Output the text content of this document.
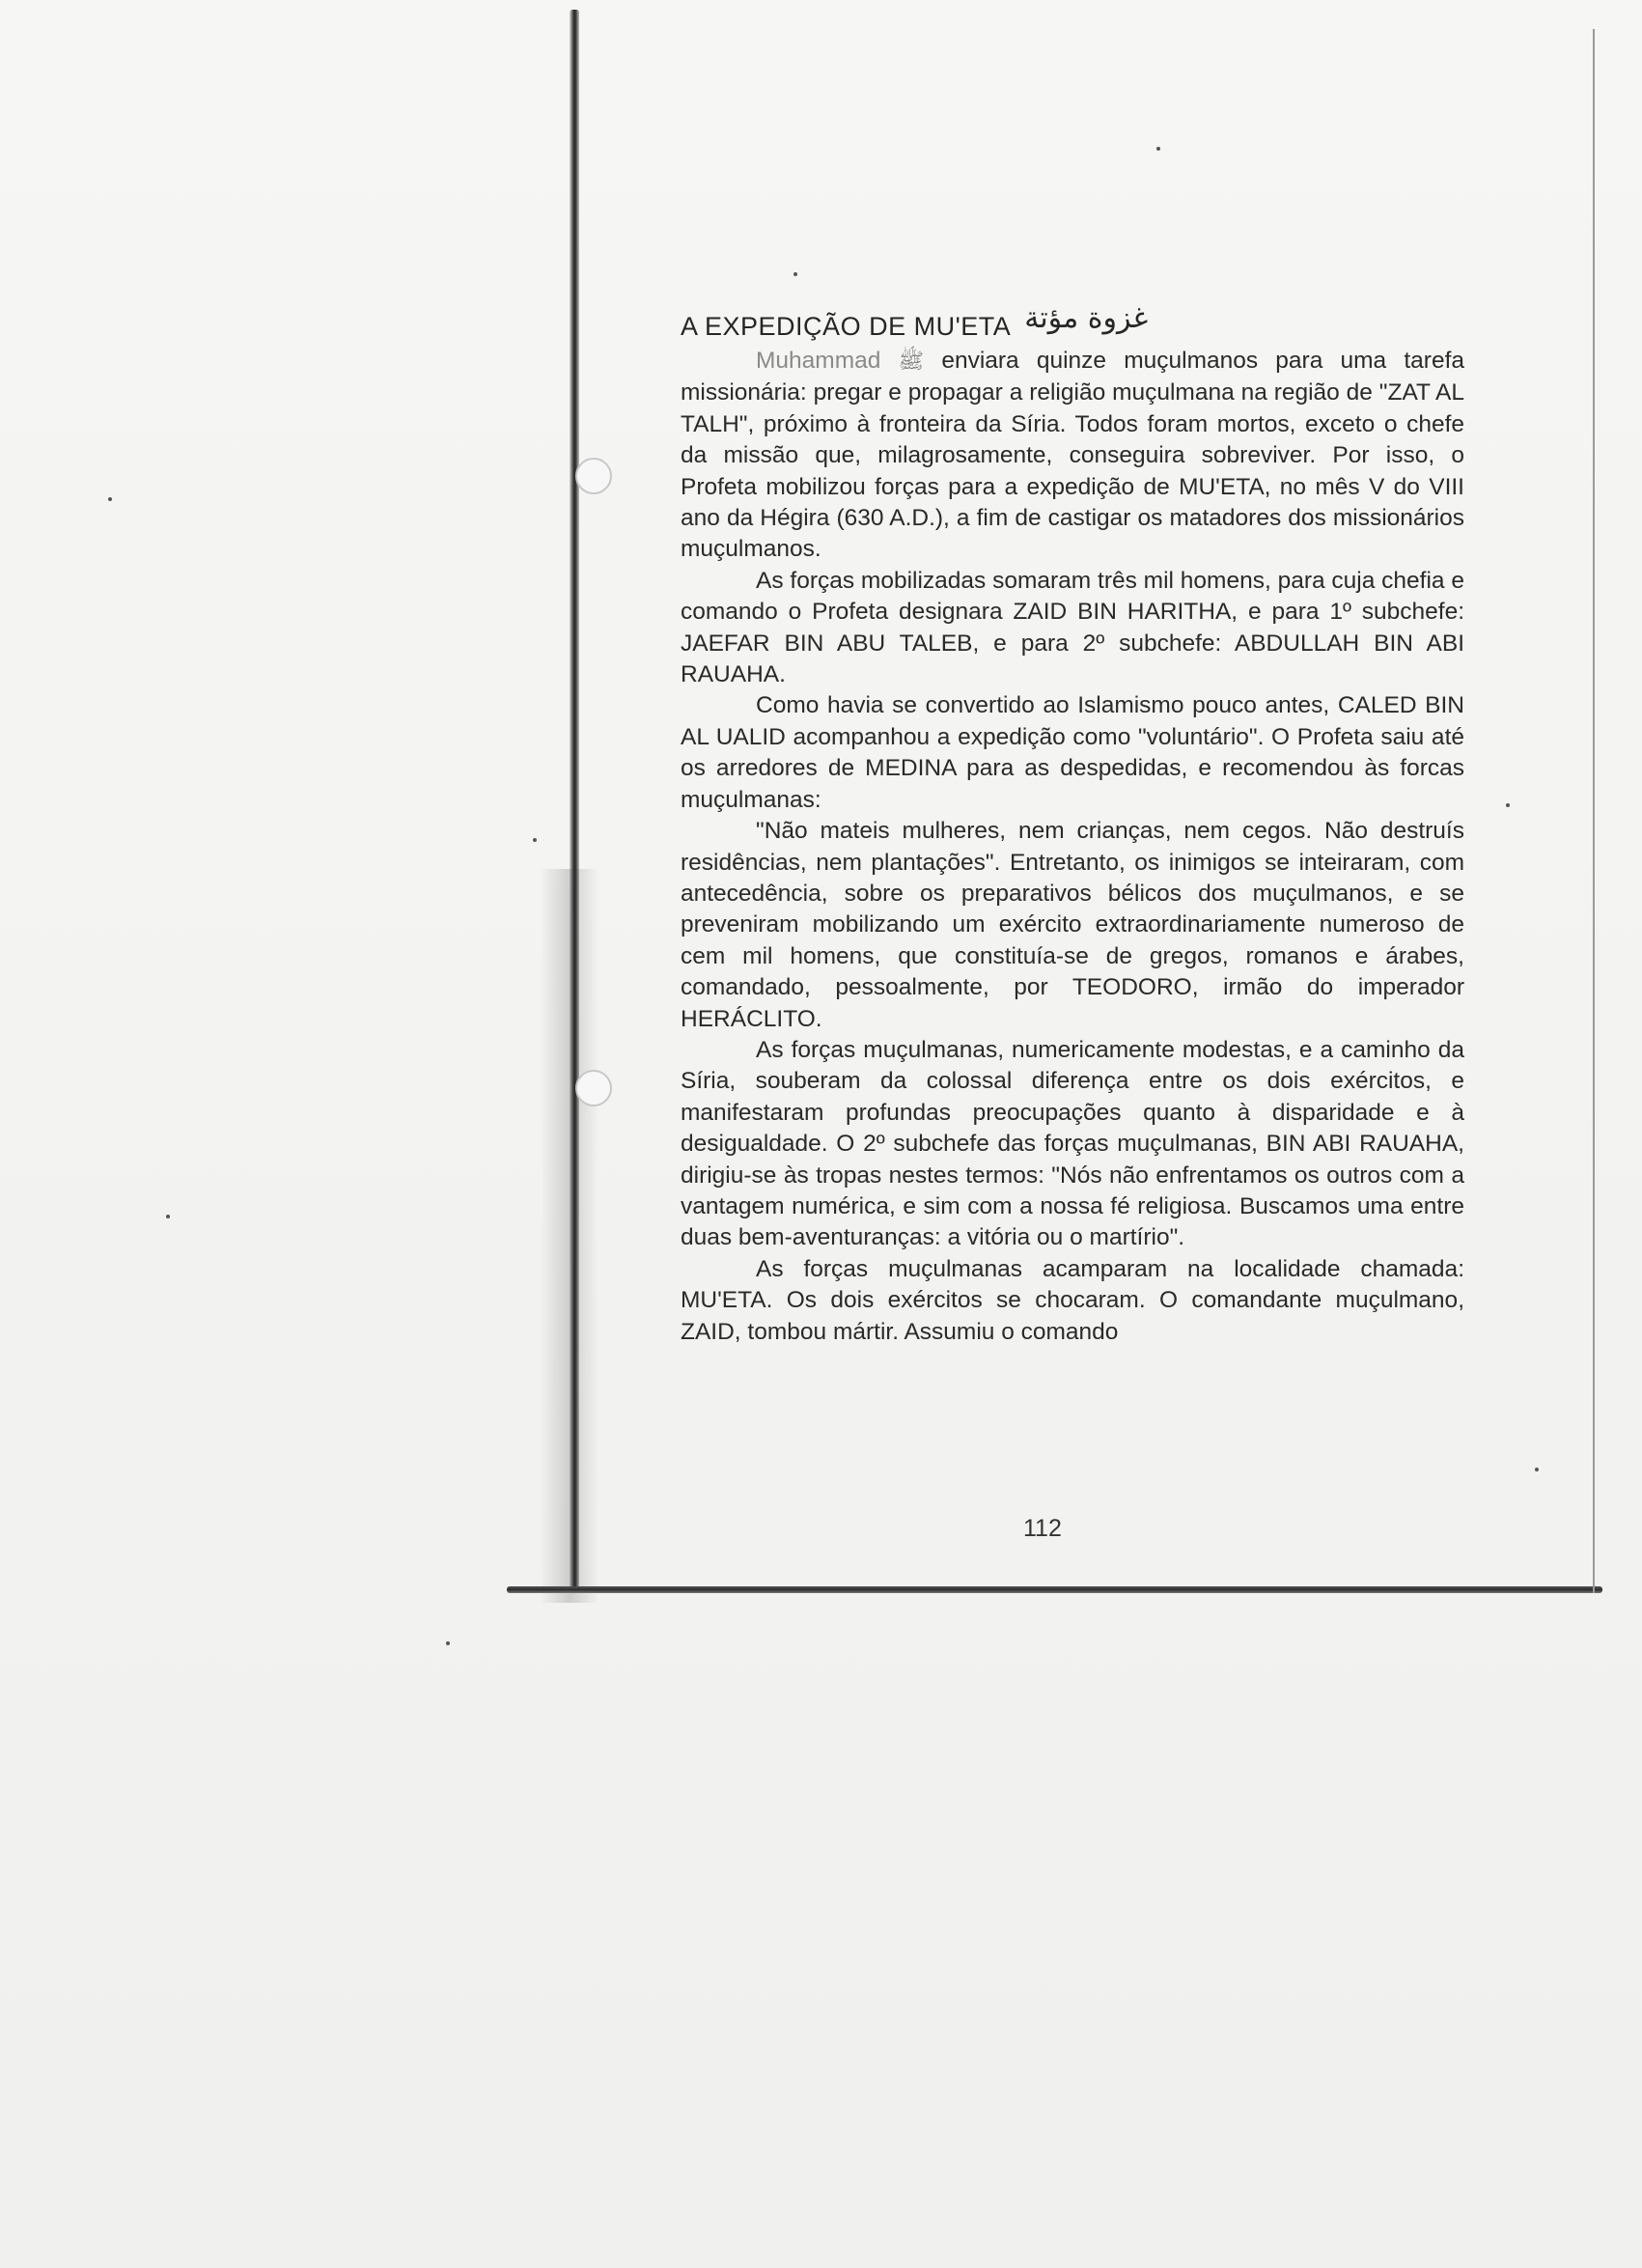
A EXPEDIÇÃO DE MU'ETA غزوة مؤتة

Muhammad ﷺ enviara quinze muçulmanos para uma tarefa missionária: pregar e propagar a religião muçulmana na região de "ZAT AL TALH", próximo à fronteira da Síria. Todos foram mortos, exceto o chefe da missão que, milagrosamente, conseguira sobreviver. Por isso, o Profeta mobilizou forças para a expedição de MU'ETA, no mês V do VIII ano da Hégira (630 A.D.), a fim de castigar os matadores dos missionários muçulmanos.

As forças mobilizadas somaram três mil homens, para cuja chefia e comando o Profeta designara ZAID BIN HARITHA, e para 1º subchefe: JAEFAR BIN ABU TALEB, e para 2º subchefe: ABDULLAH BIN ABI RAUAHA.

Como havia se convertido ao Islamismo pouco antes, CALED BIN AL UALID acompanhou a expedição como "voluntário". O Profeta saiu até os arredores de MEDINA para as despedidas, e recomendou às forcas muçulmanas:

"Não mateis mulheres, nem crianças, nem cegos. Não destruís residências, nem plantações". Entretanto, os inimigos se inteiraram, com antecedência, sobre os preparativos bélicos dos muçulmanos, e se preveniram mobilizando um exército extraordinariamente numeroso de cem mil homens, que constituía-se de gregos, romanos e árabes, comandado, pessoalmente, por TEODORO, irmão do imperador HERÁCLITO.

As forças muçulmanas, numericamente modestas, e a caminho da Síria, souberam da colossal diferença entre os dois exércitos, e manifestaram profundas preocupações quanto à disparidade e à desigualdade. O 2º subchefe das forças muçulmanas, BIN ABI RAUAHA, dirigiu-se às tropas nestes termos: "Nós não enfrentamos os outros com a vantagem numérica, e sim com a nossa fé religiosa. Buscamos uma entre duas bem-aventuranças: a vitória ou o martírio".

As forças muçulmanas acamparam na localidade chamada: MU'ETA. Os dois exércitos se chocaram. O comandante muçulmano, ZAID, tombou mártir. Assumiu o comando

112
